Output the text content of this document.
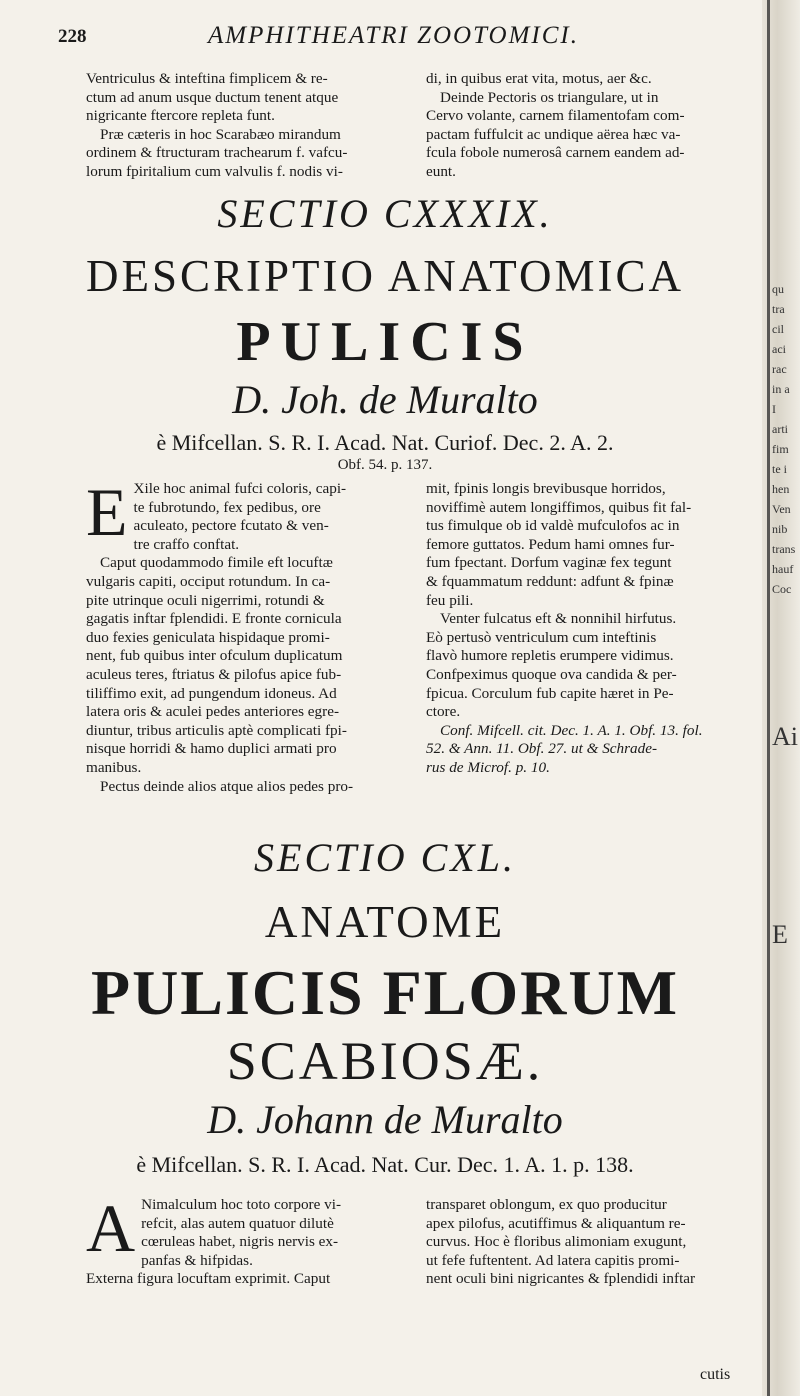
qu
tra
cil
aci
rac
in a
I
arti
fim
te i
hen
Ven
nib
trans
hauf
Coc
Ai
E
228	AMPHITHEATRI ZOOTOMICI.

Ventriculus & inteftina fimplicem & re-

ctum ad anum usque ductum tenent atque

nigricante ftercore repleta funt.

Præ cæteris in hoc Scarabæo mirandum

ordinem & ftructuram trachearum f. vafcu-

lorum fpiritalium cum valvulis f. nodis vi-

di, in quibus erat vita, motus, aer &c.

Deinde Pectoris os triangulare, ut in

Cervo volante, carnem filamentofam com-

pactam fuffulcit ac undique aërea hæc va-

fcula fobole numerosâ carnem eandem ad-

eunt.

SECTIO CXXXIX.
DESCRIPTIO ANATOMICA
PULICIS
D. Joh. de Muralto
è Mifcellan. S. R. I. Acad. Nat. Curiof. Dec. 2. A. 2.
Obf. 54. p. 137.
E Xile hoc animal fufci coloris, capi-

te fubrotundo, fex pedibus, ore

aculeato, pectore fcutato & ven-

tre craffo conftat.

Caput quodammodo fimile eft locuftæ

vulgaris capiti, occiput rotundum. In ca-

pite utrinque oculi nigerrimi, rotundi &

gagatis inftar fplendidi. E fronte cornicula

duo fexies geniculata hispidaque promi-

nent, fub quibus inter ofculum duplicatum

aculeus teres, ftriatus & pilofus apice fub-

tiliffimo exit, ad pungendum idoneus. Ad

latera oris & aculei pedes anteriores egre-

diuntur, tribus articulis aptè complicati fpi-

nisque horridi & hamo duplici armati pro

manibus.

Pectus deinde alios atque alios pedes pro-

mit, fpinis longis brevibusque horridos,

noviffimè autem longiffimos, quibus fit fal-

tus fimulque ob id valdè mufculofos ac in

femore guttatos. Pedum hami omnes fur-

fum fpectant. Dorfum vaginæ fex tegunt

& fquammatum reddunt: adfunt & fpinæ

feu pili.

Venter fulcatus eft & nonnihil hirfutus.

Eò pertusò ventriculum cum inteftinis

flavò humore repletis erumpere vidimus.

Confpeximus quoque ova candida & per-

fpicua. Corculum fub capite hæret in Pe-

ctore.

Conf. Mifcell. cit. Dec. 1. A. 1. Obf. 13. fol.

52. & Ann. 11. Obf. 27. ut & Schrade-

rus de Microf. p. 10.

SECTIO CXL.
ANATOME
PULICIS FLORUM
SCABIOSÆ.
D. Johann de Muralto
è Mifcellan. S. R. I. Acad. Nat. Cur. Dec. 1. A. 1. p. 138.
A Nimalculum hoc toto corpore vi-

refcit, alas autem quatuor dilutè

cœruleas habet, nigris nervis ex-

panfas & hifpidas.

Externa figura locuftam exprimit. Caput

transparet oblongum, ex quo producitur

apex pilofus, acutiffimus & aliquantum re-

curvus. Hoc è floribus alimoniam exugunt,

ut fefe fuftentent. Ad latera capitis promi-

nent oculi bini nigricantes & fplendidi inftar

cutis
